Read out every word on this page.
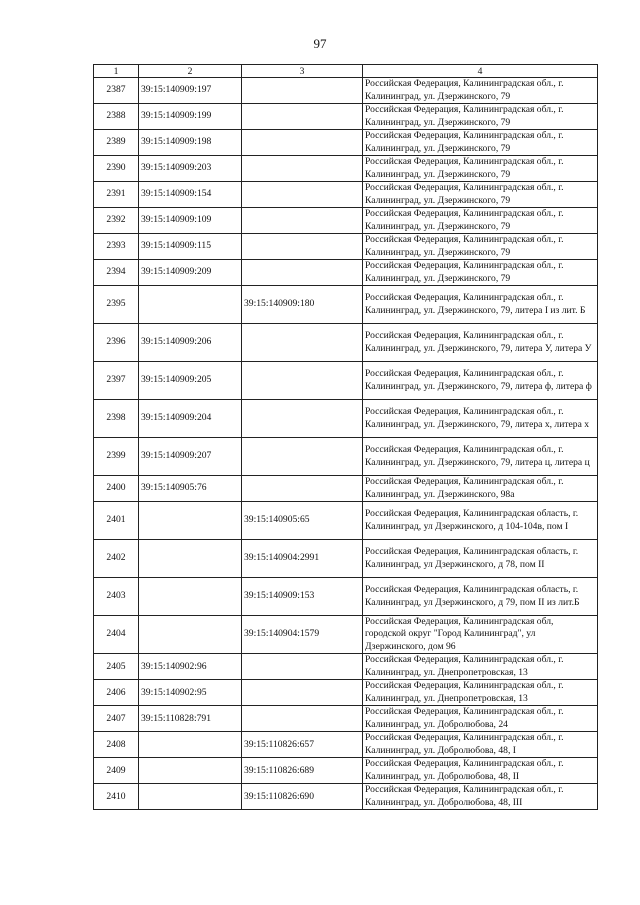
97
1	2	3	4
2387	39:15:140909:197		Российская Федерация, Калининградская обл., г. Калининград, ул. Дзержинского, 79
2388	39:15:140909:199		Российская Федерация, Калининградская обл., г. Калининград, ул. Дзержинского, 79
2389	39:15:140909:198		Российская Федерация, Калининградская обл., г. Калининград, ул. Дзержинского, 79
2390	39:15:140909:203		Российская Федерация, Калининградская обл., г. Калининград, ул. Дзержинского, 79
2391	39:15:140909:154		Российская Федерация, Калининградская обл., г. Калининград, ул. Дзержинского, 79
2392	39:15:140909:109		Российская Федерация, Калининградская обл., г. Калининград, ул. Дзержинского, 79
2393	39:15:140909:115		Российская Федерация, Калининградская обл., г. Калининград, ул. Дзержинского, 79
2394	39:15:140909:209		Российская Федерация, Калининградская обл., г. Калининград, ул. Дзержинского, 79
2395		39:15:140909:180	Российская Федерация, Калининградская обл., г. Калининград, ул. Дзержинского, 79, литера I из лит. Б
2396	39:15:140909:206		Российская Федерация, Калининградская обл., г. Калининград, ул. Дзержинского, 79, литера У, литера У
2397	39:15:140909:205		Российская Федерация, Калининградская обл., г. Калининград, ул. Дзержинского, 79, литера ф, литера ф
2398	39:15:140909:204		Российская Федерация, Калининградская обл., г. Калининград, ул. Дзержинского, 79, литера х, литера х
2399	39:15:140909:207		Российская Федерация, Калининградская обл., г. Калининград, ул. Дзержинского, 79, литера ц, литера ц
2400	39:15:140905:76		Российская Федерация, Калининградская обл., г. Калининград, ул. Дзержинского, 98а
2401		39:15:140905:65	Российская Федерация, Калининградская область, г. Калининград, ул Дзержинского, д 104-104в, пом I
2402		39:15:140904:2991	Российская Федерация, Калининградская область, г. Калининград, ул Дзержинского, д 78, пом II
2403		39:15:140909:153	Российская Федерация, Калининградская область, г. Калининград, ул Дзержинского, д 79, пом II из лит.Б
2404		39:15:140904:1579	Российская Федерация, Калининградская обл, городской округ "Город Калининград", ул Дзержинского, дом 96
2405	39:15:140902:96		Российская Федерация, Калининградская обл., г. Калининград, ул. Днепропетровская, 13
2406	39:15:140902:95		Российская Федерация, Калининградская обл., г. Калининград, ул. Днепропетровская, 13
2407	39:15:110828:791		Российская Федерация, Калининградская обл., г. Калининград, ул. Добролюбова, 24
2408		39:15:110826:657	Российская Федерация, Калининградская обл., г. Калининград, ул. Добролюбова, 48, I
2409		39:15:110826:689	Российская Федерация, Калининградская обл., г. Калининград, ул. Добролюбова, 48, II
2410		39:15:110826:690	Российская Федерация, Калининградская обл., г. Калининград, ул. Добролюбова, 48, III
